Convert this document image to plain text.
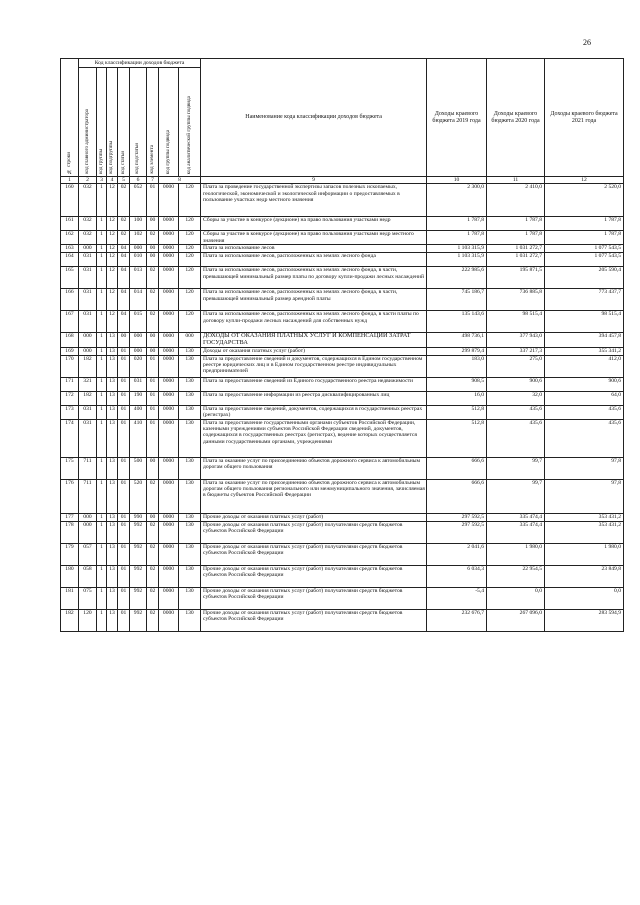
26
№ строки	Код классификации доходов бюджета								Наименование кода классификации доходов бюджета	Доходы краевого бюджета 2019 года	Доходы краевого бюджета 2020 года	Доходы краевого бюджета 2021 года

	код главного администратора	код группы	код подгруппы	код статьи	код подстатьи	код элемента	код группы подвида	код аналитической группы подвида				

1	2	3	4	5	6	7	8		9	10	11	12
160	032	1	12	02	052	01	0000	120	Плата за проведение государственной экспертизы запасов полезных ископаемых, геологической, экономической и экологической информации о предоставляемых в пользование участках недр местного значения	2 300,0	2 410,0	2 520,0
161	032	1	12	02	100	00	0000	120	Сборы за участие в конкурсе (аукционе) на право пользования участками недр	1 787,8	1 787,8	1 787,8
162	032	1	12	02	102	02	0000	120	Сборы за участие в конкурсе (аукционе) на право пользования участками недр местного значения	1 787,8	1 787,8	1 787,8
163	000	1	12	04	000	00	0000	120	Плата за использование лесов	1 103 315,9	1 031 272,7	1 077 543,5
164	031	1	12	04	010	00	0000	120	Плата за использование лесов, расположенных на землях лесного фонда	1 103 315,9	1 031 272,7	1 077 543,5
165	031	1	12	04	013	02	0000	120	Плата за использование лесов, расположенных на землях лесного фонда, в части, превышающей минимальный размер платы по договору купли-продажи лесных насаждений	222 985,6	195 871,5	205 590,4
166	031	1	12	04	014	02	0000	120	Плата за использование лесов, расположенных на землях лесного фонда, в части, превышающей минимальный размер арендной платы	745 186,7	736 885,8	773 437,7
167	031	1	12	04	015	02	0000	120	Плата за использование лесов, расположенных на землях лесного фонда, в части платы по договору купли-продажи лесных насаждений для собственных нужд	135 143,6	98 515,4	98 515,4
168	000	1	13	00	000	00	0000	000	ДОХОДЫ ОТ ОКАЗАНИЯ ПЛАТНЫХ УСЛУГ И КОМПЕНСАЦИИ ЗАТРАТ ГОСУДАРСТВА	498 736,1	377 943,0	394 457,8
169	000	1	13	01	000	00	0000	130	Доходы от оказания платных услуг (работ)	299 879,4	337 217,3	355 341,2
170	182	1	13	01	020	01	0000	130	Плата за предоставление сведений и документов, содержащихся в Едином государственном реестре юридических лиц и в Едином государственном реестре индивидуальных предпринимателей	183,0	275,0	412,0
171	321	1	13	01	031	01	0000	130	Плата за предоставление сведений из Единого государственного реестра недвижимости	908,5	900,6	900,6
172	182	1	13	01	190	01	0000	130	Плата за предоставление информации из реестра дисквалифицированных лиц	16,0	32,0	64,0
173	031	1	13	01	400	01	0000	130	Плата за предоставление сведений, документов, содержащихся в государственных реестрах (регистрах)	512,8	435,6	435,6
174	031	1	13	01	410	01	0000	130	Плата за предоставление государственными органами субъектов Российской Федерации, казенными учреждениями субъектов Российской Федерации сведений, документов, содержащихся в государственных реестрах (регистрах), ведение которых осуществляется данными государственными органами, учреждениями	512,8	435,6	435,6
175	711	1	13	01	500	00	0000	130	Плата за оказание услуг по присоединению объектов дорожного сервиса к автомобильным дорогам общего пользования	666,6	99,7	97,8
176	711	1	13	01	520	02	0000	130	Плата за оказание услуг по присоединению объектов дорожного сервиса к автомобильным дорогам общего пользования регионального или межмуниципального значения, зачисляемая в бюджеты субъектов Российской Федерации	666,6	99,7	97,8
177	000	1	13	01	990	00	0000	130	Прочие доходы от оказания платных услуг (работ)	297 592,5	335 474,4	353 431,2
178	000	1	13	01	992	02	0000	130	Прочие доходы от оказания платных услуг (работ) получателями средств бюджетов субъектов Российской Федерации	297 592,5	335 474,4	353 431,2
179	057	1	13	01	992	02	0000	130	Прочие доходы от оказания платных услуг (работ) получателями средств бюджетов субъектов Российской Федерации	2 041,6	1 980,0	1 980,0
180	058	1	13	01	992	02	0000	130	Прочие доходы от оказания платных услуг (работ) получателями средств бюджетов субъектов Российской Федерации	6 034,3	22 954,5	23 849,8
181	075	1	13	01	992	02	0000	130	Прочие доходы от оказания платных услуг (работ) получателями средств бюджетов субъектов Российской Федерации	-5,4	0,0	0,0
182	120	1	13	01	992	02	0000	130	Прочие доходы от оказания платных услуг (работ) получателями средств бюджетов субъектов Российской Федерации	232 676,7	267 096,0	283 594,9
